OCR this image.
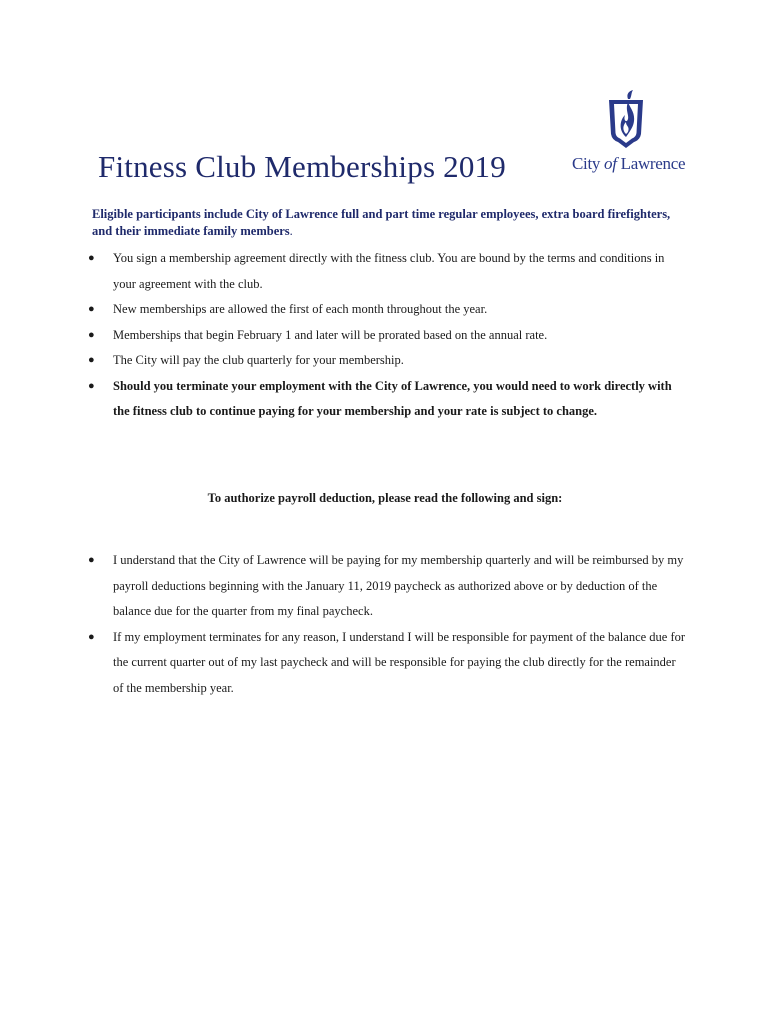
Fitness Club Memberships 2019	City of Lawrence

Eligible participants include City of Lawrence full and part time regular employees, extra board firefighters, and their immediate family members.

● You sign a membership agreement directly with the fitness club. You are bound by the terms and conditions in your agreement with the club.
● New memberships are allowed the first of each month throughout the year.
● Memberships that begin February 1 and later will be prorated based on the annual rate.
● The City will pay the club quarterly for your membership.
● Should you terminate your employment with the City of Lawrence, you would need to work directly with the fitness club to continue paying for your membership and your rate is subject to change.
To authorize payroll deduction, please read the following and sign:
● I understand that the City of Lawrence will be paying for my membership quarterly and will be reimbursed by my payroll deductions beginning with the January 11, 2019 paycheck as authorized above or by deduction of the balance due for the quarter from my final paycheck.
● If my employment terminates for any reason, I understand I will be responsible for payment of the balance due for the current quarter out of my last paycheck and will be responsible for paying the club directly for the remainder of the membership year.
